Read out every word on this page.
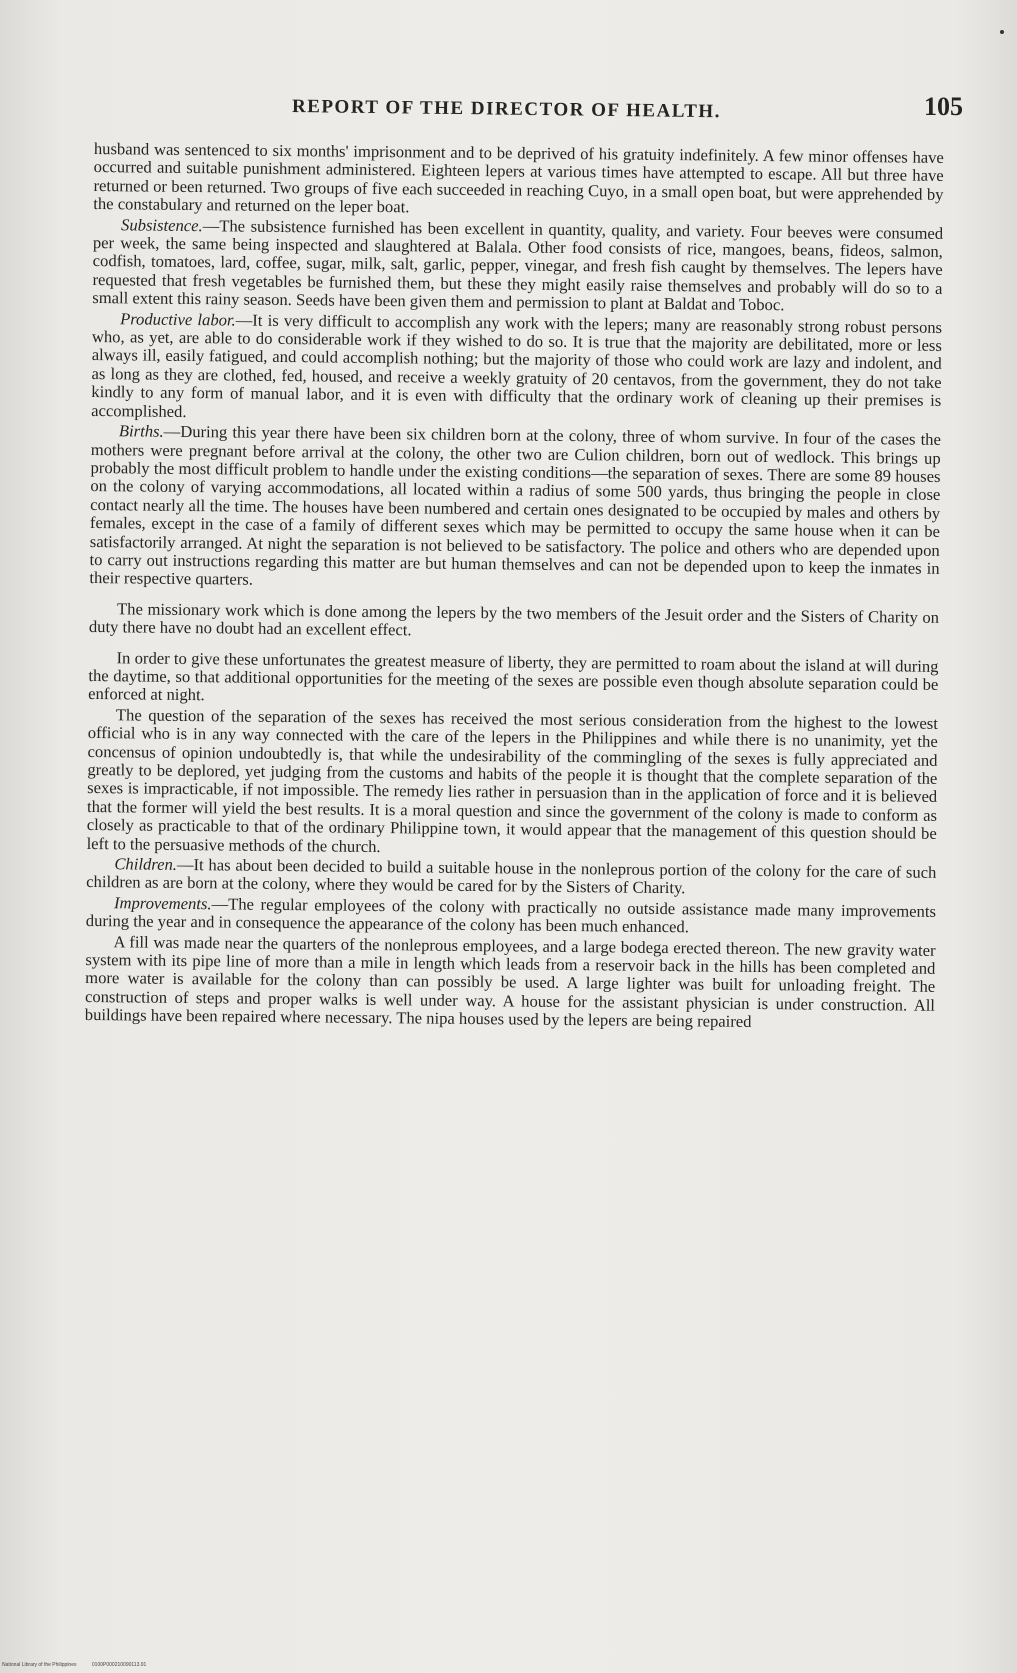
REPORT OF THE DIRECTOR OF HEALTH.	105

husband was sentenced to six months' imprisonment and to be deprived of his gratuity indefinitely. A few minor offenses have occurred and suitable punishment administered. Eighteen lepers at various times have attempted to escape. All but three have returned or been returned. Two groups of five each succeeded in reaching Cuyo, in a small open boat, but were apprehended by the constabulary and returned on the leper boat.

Subsistence.—The subsistence furnished has been excellent in quantity, quality, and variety. Four beeves were consumed per week, the same being inspected and slaughtered at Balala. Other food consists of rice, mangoes, beans, fideos, salmon, codfish, tomatoes, lard, coffee, sugar, milk, salt, garlic, pepper, vinegar, and fresh fish caught by themselves. The lepers have requested that fresh vegetables be furnished them, but these they might easily raise themselves and probably will do so to a small extent this rainy season. Seeds have been given them and permission to plant at Baldat and Toboc.

Productive labor.—It is very difficult to accomplish any work with the lepers; many are reasonably strong robust persons who, as yet, are able to do considerable work if they wished to do so. It is true that the majority are debilitated, more or less always ill, easily fatigued, and could accomplish nothing; but the majority of those who could work are lazy and indolent, and as long as they are clothed, fed, housed, and receive a weekly gratuity of 20 centavos, from the government, they do not take kindly to any form of manual labor, and it is even with difficulty that the ordinary work of cleaning up their premises is accomplished.

Births.—During this year there have been six children born at the colony, three of whom survive. In four of the cases the mothers were pregnant before arrival at the colony, the other two are Culion children, born out of wedlock. This brings up probably the most difficult problem to handle under the existing conditions—the separation of sexes. There are some 89 houses on the colony of varying accommodations, all located within a radius of some 500 yards, thus bringing the people in close contact nearly all the time. The houses have been numbered and certain ones designated to be occupied by males and others by females, except in the case of a family of different sexes which may be permitted to occupy the same house when it can be satisfactorily arranged. At night the separation is not believed to be satisfactory. The police and others who are depended upon to carry out instructions regarding this matter are but human themselves and can not be depended upon to keep the inmates in their respective quarters.

The missionary work which is done among the lepers by the two members of the Jesuit order and the Sisters of Charity on duty there have no doubt had an excellent effect.

In order to give these unfortunates the greatest measure of liberty, they are permitted to roam about the island at will during the daytime, so that additional opportunities for the meeting of the sexes are possible even though absolute separation could be enforced at night.

The question of the separation of the sexes has received the most serious consideration from the highest to the lowest official who is in any way connected with the care of the lepers in the Philippines and while there is no unanimity, yet the concensus of opinion undoubtedly is, that while the undesirability of the commingling of the sexes is fully appreciated and greatly to be deplored, yet judging from the customs and habits of the people it is thought that the complete separation of the sexes is impracticable, if not impossible. The remedy lies rather in persuasion than in the application of force and it is believed that the former will yield the best results. It is a moral question and since the government of the colony is made to conform as closely as practicable to that of the ordinary Philippine town, it would appear that the management of this question should be left to the persuasive methods of the church.

Children.—It has about been decided to build a suitable house in the nonleprous portion of the colony for the care of such children as are born at the colony, where they would be cared for by the Sisters of Charity.

Improvements.—The regular employees of the colony with practically no outside assistance made many improvements during the year and in consequence the appearance of the colony has been much enhanced.

A fill was made near the quarters of the nonleprous employees, and a large bodega erected thereon. The new gravity water system with its pipe line of more than a mile in length which leads from a reservoir back in the hills has been completed and more water is available for the colony than can possibly be used. A large lighter was built for unloading freight. The construction of steps and proper walks is well under way. A house for the assistant physician is under construction. All buildings have been repaired where necessary. The nipa houses used by the lepers are being repaired

National Library of the Philippines	0100P000210090113.91
